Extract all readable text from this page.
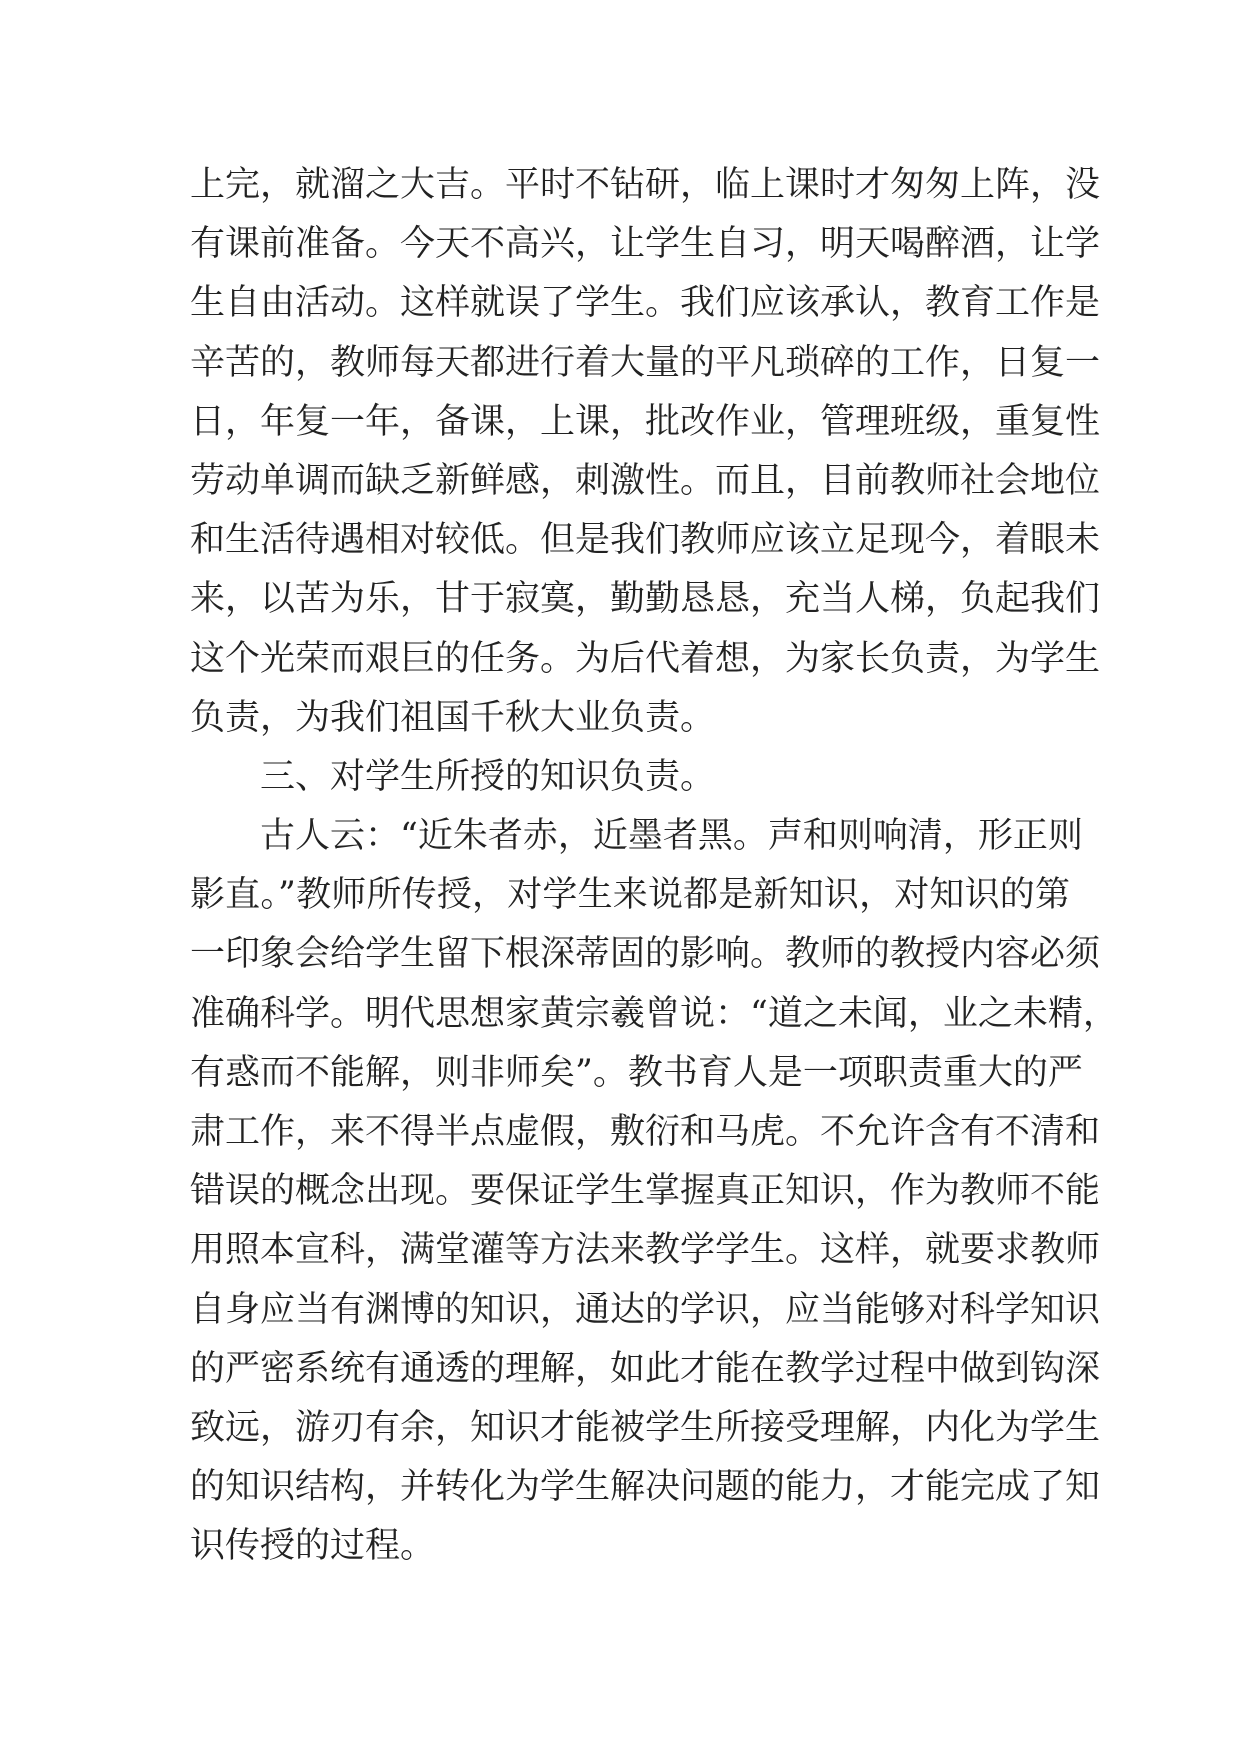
上完，就溜之大吉。平时不钻研，临上课时才匆匆上阵，没
有课前准备。今天不高兴，让学生自习，明天喝醉酒，让学
生自由活动。这样就误了学生。我们应该承认，教育工作是
辛苦的，教师每天都进行着大量的平凡琐碎的工作，日复一
日，年复一年，备课，上课，批改作业，管理班级，重复性
劳动单调而缺乏新鲜感，刺激性。而且，目前教师社会地位
和生活待遇相对较低。但是我们教师应该立足现今，着眼未
来，以苦为乐，甘于寂寞，勤勤恳恳，充当人梯，负起我们
这个光荣而艰巨的任务。为后代着想，为家长负责，为学生
负责，为我们祖国千秋大业负责。
三、对学生所授的知识负责。
古人云：“近朱者赤，近墨者黑。声和则响清，形正则
影直。”教师所传授，对学生来说都是新知识，对知识的第
一印象会给学生留下根深蒂固的影响。教师的教授内容必须
准确科学。明代思想家黄宗羲曾说：“道之未闻，业之未精，
有惑而不能解，则非师矣”。教书育人是一项职责重大的严
肃工作，来不得半点虚假，敷衍和马虎。不允许含有不清和
错误的概念出现。要保证学生掌握真正知识，作为教师不能
用照本宣科，满堂灌等方法来教学学生。这样，就要求教师
自身应当有渊博的知识，通达的学识，应当能够对科学知识
的严密系统有通透的理解，如此才能在教学过程中做到钩深
致远，游刃有余，知识才能被学生所接受理解，内化为学生
的知识结构，并转化为学生解决问题的能力，才能完成了知
识传授的过程。
